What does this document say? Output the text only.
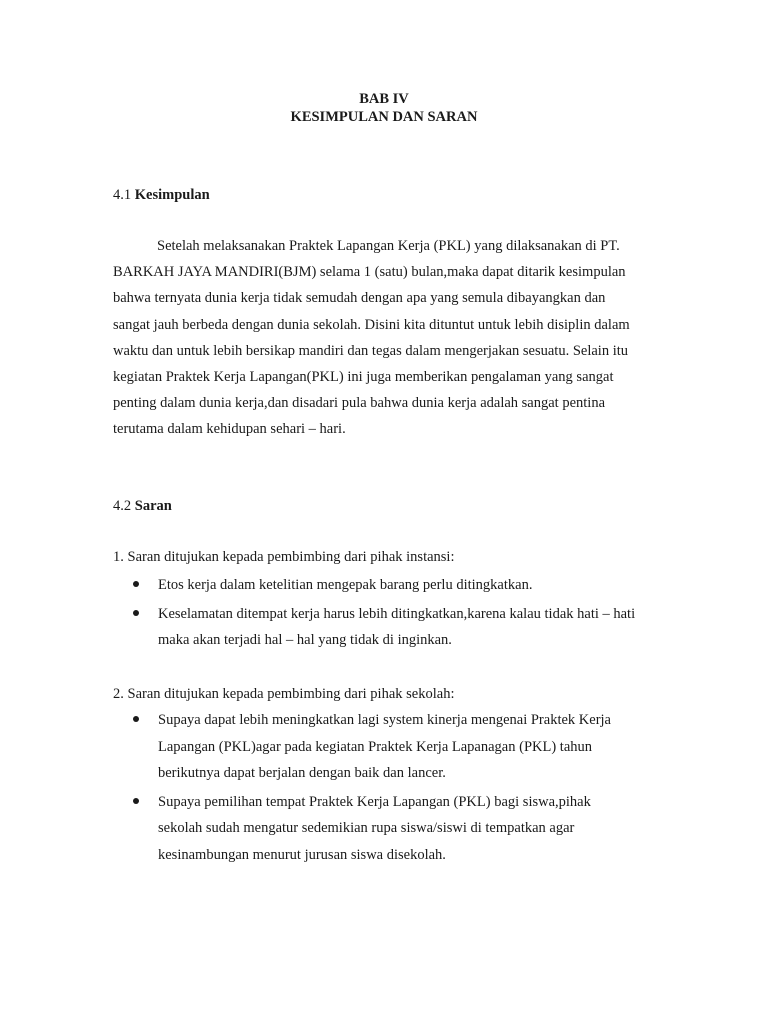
BAB IV
KESIMPULAN DAN SARAN
4.1 Kesimpulan
Setelah melaksanakan Praktek Lapangan Kerja (PKL) yang dilaksanakan di PT.
BARKAH JAYA MANDIRI(BJM) selama 1 (satu) bulan,maka dapat ditarik kesimpulan
bahwa ternyata dunia kerja tidak semudah dengan apa yang semula dibayangkan dan
sangat jauh berbeda dengan dunia sekolah. Disini kita dituntut untuk lebih disiplin dalam
waktu dan untuk lebih bersikap mandiri dan tegas dalam mengerjakan sesuatu. Selain itu
kegiatan Praktek Kerja Lapangan(PKL) ini juga memberikan pengalaman yang sangat
penting dalam dunia kerja,dan disadari pula bahwa dunia kerja adalah sangat pentina
terutama dalam kehidupan sehari – hari.
4.2 Saran
1. Saran ditujukan kepada pembimbing dari pihak instansi:
Etos kerja dalam ketelitian mengepak barang perlu ditingkatkan.
Keselamatan ditempat kerja harus lebih ditingkatkan,karena kalau tidak hati – hati
maka akan terjadi hal – hal yang tidak di inginkan.
2. Saran ditujukan kepada pembimbing dari pihak sekolah:
Supaya dapat lebih meningkatkan lagi system kinerja mengenai Praktek Kerja
Lapangan (PKL)agar pada kegiatan Praktek Kerja Lapanagan (PKL) tahun
berikutnya dapat berjalan dengan baik dan lancer.
Supaya pemilihan tempat Praktek Kerja Lapangan (PKL) bagi siswa,pihak
sekolah sudah mengatur sedemikian rupa siswa/siswi di tempatkan agar
kesinambungan menurut jurusan siswa disekolah.
